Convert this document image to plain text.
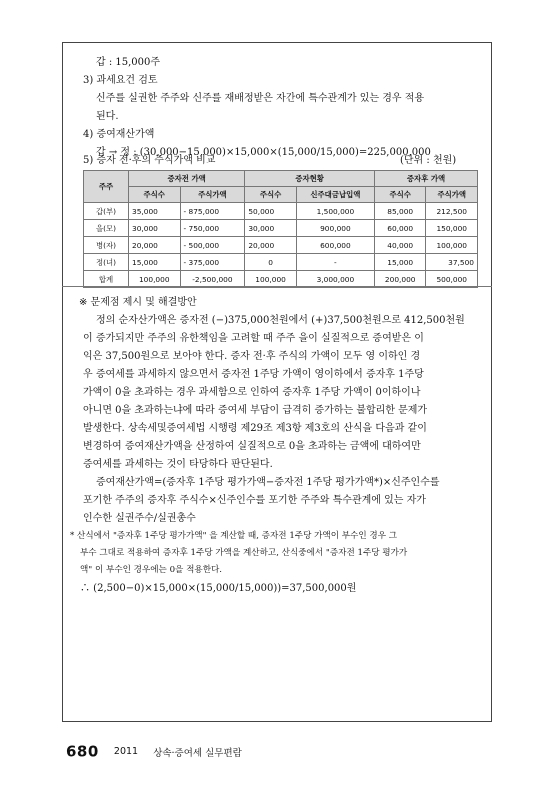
갑 : 15,000주
3) 과세요건 검토
신주를 실권한 주주와 신주를 재배정받은 자간에 특수관계가 있는 경우 적용
된다.
4) 증여재산가액
갑 → 정 : (30,000−15,000)×15,000×(15,000/15,000)=225,000,000
5) 증자 전·후의 주식가액 비교	(단위 : 천원)
주주	증자전 가액		증자현황		증자후 가액	
	주식수	주식가액	주식수	신주대금납입액	주식수	주식가액
갑(부)	35,000	- 875,000	50,000	1,500,000	85,000	212,500
을(모)	30,000	- 750,000	30,000	900,000	60,000	150,000
병(자)	20,000	- 500,000	20,000	600,000	40,000	100,000
정(녀)	15,000	- 375,000	0	-	15,000	37,500
합계	100,000	-2,500,000	100,000	3,000,000	200,000	500,000
※ 문제점 제시 및 해결방안
정의 순자산가액은 증자전 (−)375,000천원에서 (+)37,500천원으로 412,500천원
이 증가되지만 주주의 유한책임을 고려할 때 주주 을이 실질적으로 증여받은 이
익은 37,500원으로 보아야 한다. 증자 전·후 주식의 가액이 모두 영 이하인 경
우 증여세를 과세하지 않으면서 증자전 1주당 가액이 영이하에서 증자후 1주당
가액이 0을 초과하는 경우 과세함으로 인하여 증자후 1주당 가액이 0이하이나
아니면 0을 초과하는냐에 따라 증여세 부담이 급격히 증가하는 불합리한 문제가
발생한다. 상속세및증여세법 시행령 제29조 제3항 제3호의 산식을 다음과 같이
변경하여 증여재산가액을 산정하여 실질적으로 0을 초과하는 금액에 대하여만
증여세를 과세하는 것이 타당하다 판단된다.
증여재산가액=(증자후 1주당 평가가액−증자전 1주당 평가가액*)×신주인수를
포기한 주주의 증자후 주식수×신주인수를 포기한 주주와 특수관계에 있는 자가
인수한 실권주수/실권총수
* 산식에서 "증자후 1주당 평가가액" 을 계산할 때, 증자전 1주당 가액이 부수인 경우 그
부수 그대로 적용하여 증자후 1주당 가액을 계산하고, 산식중에서 "증자전 1주당 평가가
액" 이 부수인 경우에는 0을 적용한다.
∴ (2,500−0)×15,000×(15,000/15,000))=37,500,000원
680 2011 상속·증여세 실무편람
